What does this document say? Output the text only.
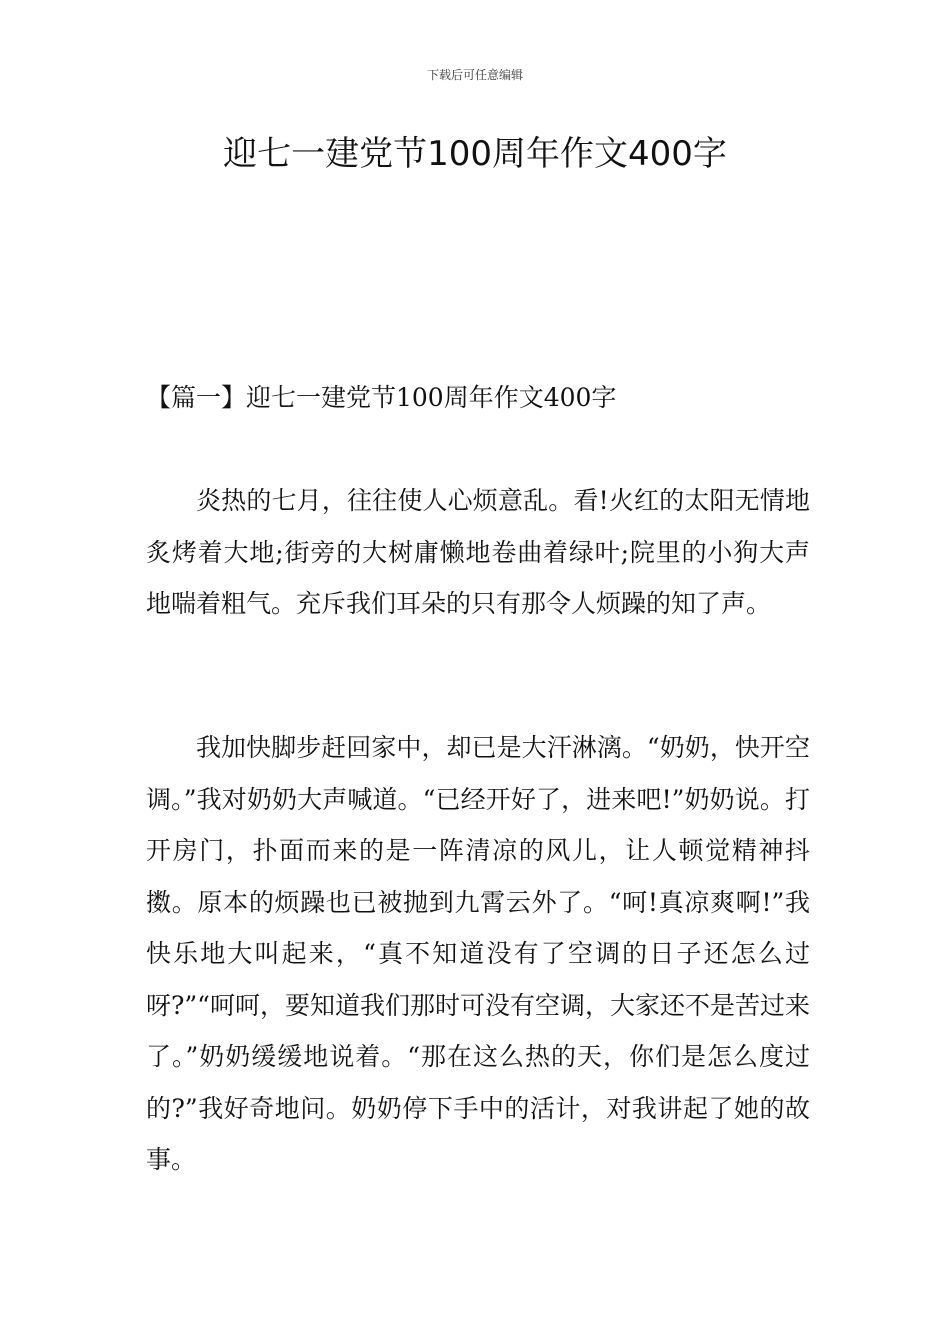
下载后可任意编辑
迎七一建党节100周年作文400字
【篇一】迎七一建党节100周年作文400字

炎热的七月，往往使人心烦意乱。看!火红的太阳无情地炙烤着大地;街旁的大树庸懒地卷曲着绿叶;院里的小狗大声地喘着粗气。充斥我们耳朵的只有那令人烦躁的知了声。

我加快脚步赶回家中，却已是大汗淋漓。“奶奶，快开空调。”我对奶奶大声喊道。“已经开好了，进来吧!”奶奶说。打开房门，扑面而来的是一阵清凉的风儿，让人顿觉精神抖擞。原本的烦躁也已被抛到九霄云外了。“呵!真凉爽啊!”我快乐地大叫起来，“真不知道没有了空调的日子还怎么过呀?”“呵呵，要知道我们那时可没有空调，大家还不是苦过来了。”奶奶缓缓地说着。“那在这么热的天，你们是怎么度过的?”我好奇地问。奶奶停下手中的活计，对我讲起了她的故事。
